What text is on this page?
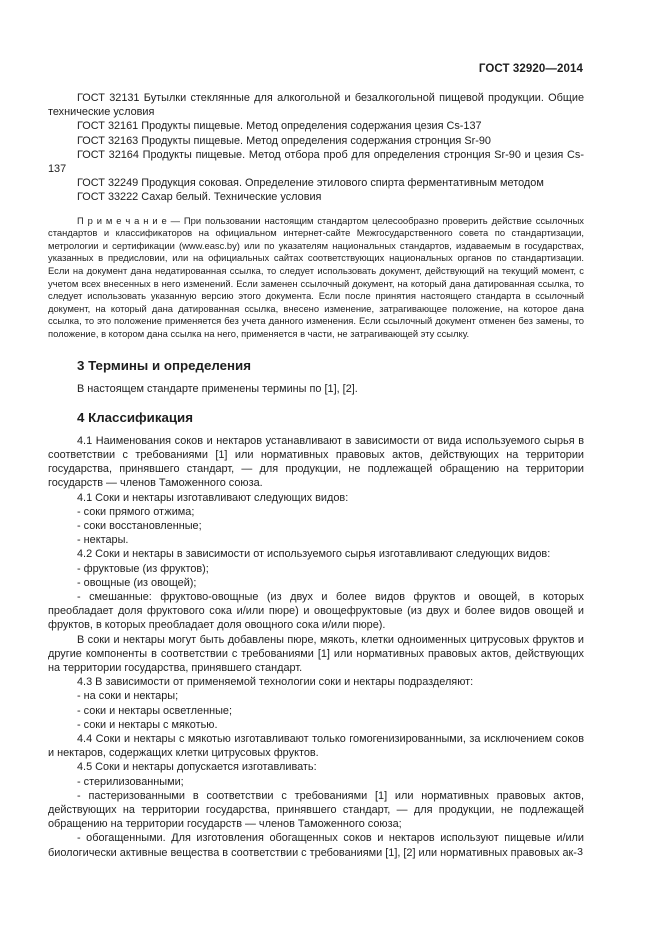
ГОСТ 32920—2014

ГОСТ 32131 Бутылки стеклянные для алкогольной и безалкогольной пищевой продукции. Общие технические условия

ГОСТ 32161 Продукты пищевые. Метод определения содержания цезия Cs-137

ГОСТ 32163 Продукты пищевые. Метод определения содержания стронция Sr-90

ГОСТ 32164 Продукты пищевые. Метод отбора проб для определения стронция Sr-90 и цезия Cs-137

ГОСТ 32249 Продукция соковая. Определение этилового спирта ферментативным методом

ГОСТ 33222 Сахар белый. Технические условия

П р и м е ч а н и е — При пользовании настоящим стандартом целесообразно проверить действие ссылочных стандартов и классификаторов на официальном интернет-сайте Межгосударственного совета по стандартизации, метрологии и сертификации (www.easc.by) или по указателям национальных стандартов, издаваемым в государствах, указанных в предисловии, или на официальных сайтах соответствующих национальных органов по стандартизации. Если на документ дана недатированная ссылка, то следует использовать документ, действующий на текущий момент, с учетом всех внесенных в него изменений. Если заменен ссылочный документ, на который дана датированная ссылка, то следует использовать указанную версию этого документа. Если после принятия настоящего стандарта в ссылочный документ, на который дана датированная ссылка, внесено изменение, затрагивающее положение, на которое дана ссылка, то это положение применяется без учета данного изменения. Если ссылочный документ отменен без замены, то положение, в котором дана ссылка на него, применяется в части, не затрагивающей эту ссылку.

3 Термины и определения

В настоящем стандарте применены термины по [1], [2].

4 Классификация

4.1 Наименования соков и нектаров устанавливают в зависимости от вида используемого сырья в соответствии с требованиями [1] или нормативных правовых актов, действующих на территории государства, принявшего стандарт, — для продукции, не подлежащей обращению на территории государств — членов Таможенного союза.

4.1 Соки и нектары изготавливают следующих видов:

- соки прямого отжима;

- соки восстановленные;

- нектары.

4.2 Соки и нектары в зависимости от используемого сырья изготавливают следующих видов:

- фруктовые (из фруктов);

- овощные (из овощей);

- смешанные: фруктово-овощные (из двух и более видов фруктов и овощей, в которых преобладает доля фруктового сока и/или пюре) и овощефруктовые (из двух и более видов овощей и фруктов, в которых преобладает доля овощного сока и/или пюре).

В соки и нектары могут быть добавлены пюре, мякоть, клетки одноименных цитрусовых фруктов и другие компоненты в соответствии с требованиями [1] или нормативных правовых актов, действующих на территории государства, принявшего стандарт.

4.3 В зависимости от применяемой технологии соки и нектары подразделяют:

- на соки и нектары;

- соки и нектары осветленные;

- соки и нектары с мякотью.

4.4 Соки и нектары с мякотью изготавливают только гомогенизированными, за исключением соков и нектаров, содержащих клетки цитрусовых фруктов.

4.5 Соки и нектары допускается изготавливать:

- стерилизованными;

- пастеризованными в соответствии с требованиями [1] или нормативных правовых актов, действующих на территории государства, принявшего стандарт, — для продукции, не подлежащей обращению на территории государств — членов Таможенного союза;

- обогащенными. Для изготовления обогащенных соков и нектаров используют пищевые и/или биологически активные вещества в соответствии с требованиями [1], [2] или нормативных правовых ак- 3
